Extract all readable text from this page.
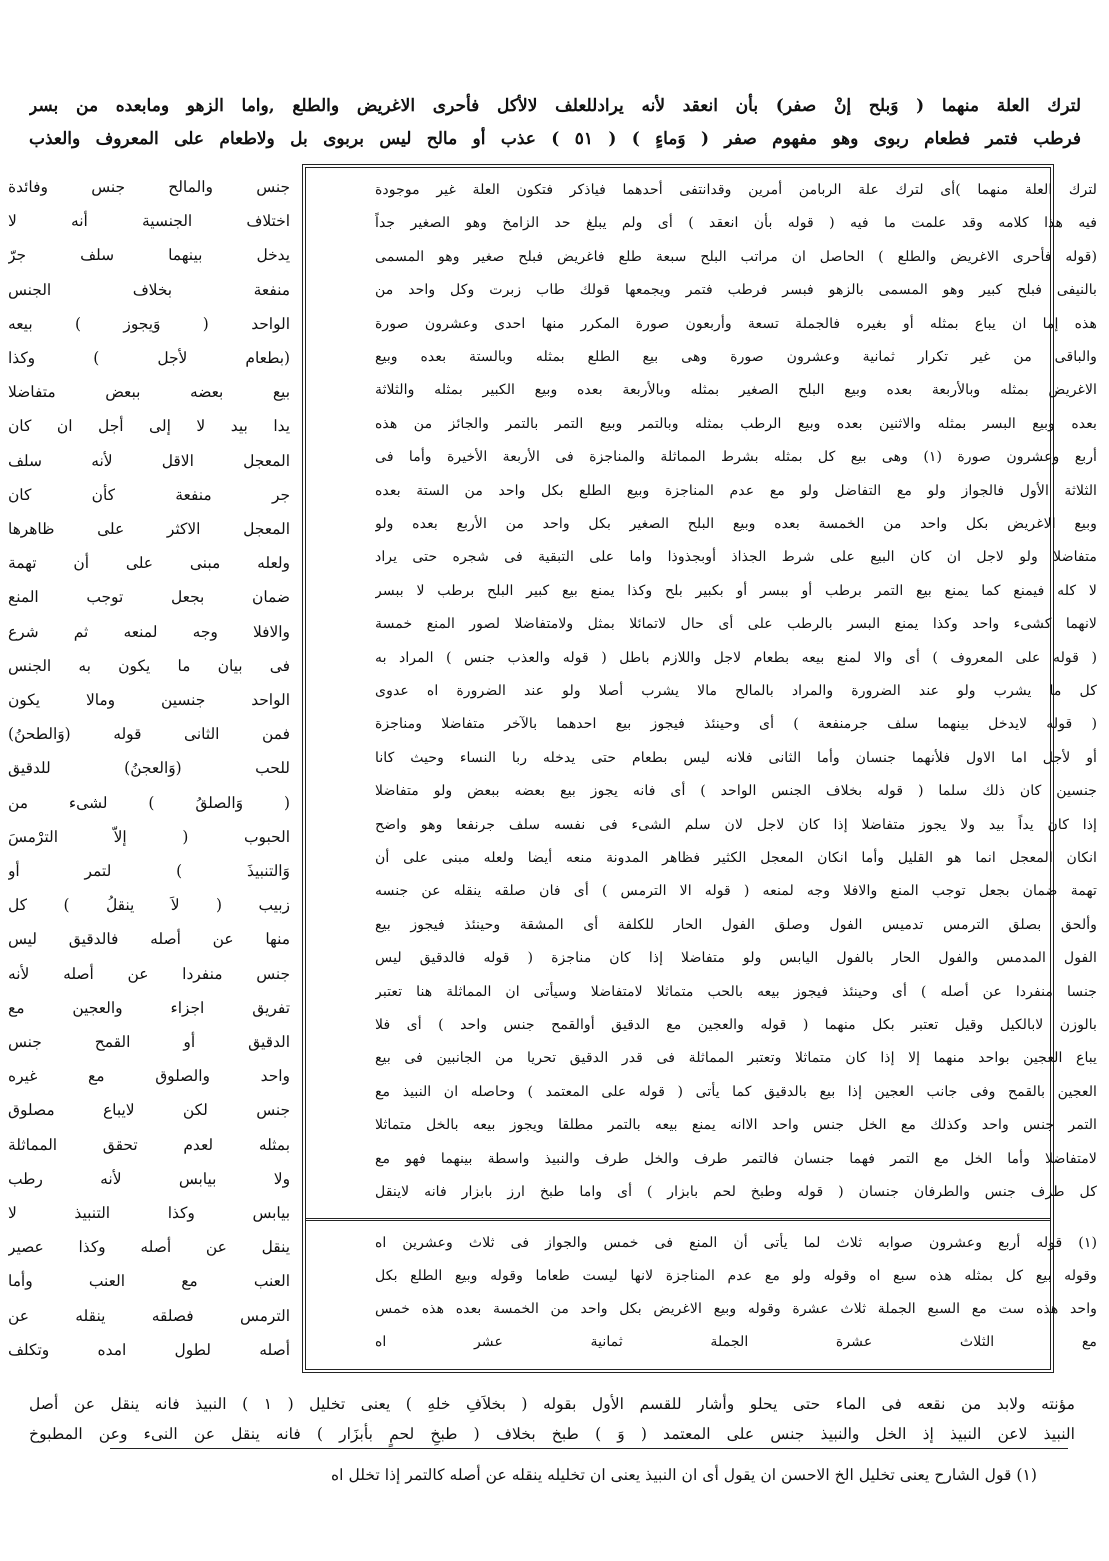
لترك العلة منهما ( وَبلح إنْ صفر) بأن انعقد لأنه يرادللعلف لالأكل فأحرى الاغريض والطلع ,واما الزهو ومابعده من بسر
فرطب فتمر فطعام ربوى وهو مفهوم صفر ( وَماءٍ ) ( ٥١ ) عذب أو مالح ليس بربوى بل ولاطعام على المعروف والعذب
لترك العلة منهما )أى لترك علة الربامن أمرين وقدانتفى أحدهما فياذكر فتكون العلة غير موجودة
فيه هذا كلامه وقد علمت ما فيه ( قوله بأن انعقد ) أى ولم يبلغ حد الزامخ وهو الصغير جداً
(قوله فأحرى الاغريض والطلع ) الحاصل ان مراتب البلح سبعة طلع فاغريض فبلح صغير وهو المسمى
بالنيفى فبلح كبير وهو المسمى بالزهو فبسر فرطب فتمر ويجمعها قولك طاب زبرت وكل واحد من
هذه إما ان يباع بمثله أو بغيره فالجملة تسعة وأربعون صورة المكرر منها احدى وعشرون صورة
والباقى من غير تكرار ثمانية وعشرون صورة وهى بيع الطلع بمثله وبالستة بعده وبيع
الاغريض بمثله وبالأربعة بعده وبيع البلح الصغير بمثله وبالأربعة بعده وبيع الكبير بمثله والثلاثة
بعده وبيع البسر بمثله والاثنين بعده وبيع الرطب بمثله وبالتمر وبيع التمر بالتمر والجائز من هذه
أربع وعشرون صورة (١) وهى بيع كل بمثله بشرط المماثلة والمناجزة فى الأربعة الأخيرة وأما فى
الثلاثة الأول فالجواز ولو مع التفاضل ولو مع عدم المناجزة وبيع الطلع بكل واحد من الستة بعده
وبيع الاغريض بكل واحد من الخمسة بعده وبيع البلح الصغير بكل واحد من الأربع بعده ولو
متفاضلا ولو لاجل ان كان البيع على شرط الجذاذ أوبجذوذا واما على التبقية فى شجره حتى يراد
لا كله فيمنع كما يمنع بيع التمر برطب أو ببسر أو بكبير بلح وكذا يمنع بيع كبير البلح برطب لا ببسر
لانهما كشىء واحد وكذا يمنع البسر بالرطب على أى حال لاتمائلا بمثل ولامتفاضلا لصور المنع خمسة
( قوله على المعروف ) أى والا لمنع بيعه بطعام لاجل واللازم باطل ( قوله والعذب جنس ) المراد به
كل ما يشرب ولو عند الضرورة والمراد بالمالح مالا يشرب أصلا ولو عند الضرورة اه عدوى
( قوله لايدخل بينهما سلف جرمنفعة ) أى وحينئذ فيجوز بيع احدهما بالآخر متفاضلا ومناجزة
أو لأجل اما الاول فلأنهما جنسان وأما الثانى فلانه ليس بطعام حتى يدخله ربا النساء وحيث كانا
جنسين كان ذلك سلما ( قوله بخلاف الجنس الواحد ) أى فانه يجوز بيع بعضه ببعض ولو متفاضلا
إذا كان يداً بيد ولا يجوز متفاضلا إذا كان لاجل لان سلم الشىء فى نفسه سلف جرنفعا وهو واضح
انكان المعجل انما هو القليل وأما انكان المعجل الكثير فظاهر المدونة منعه أيضا ولعله مبنى على أن
تهمة ضمان بجعل توجب المنع والافلا وجه لمنعه ( قوله الا الترمس ) أى فان صلقه ينقله عن جنسه
وألحق بصلق الترمس تدميس الفول وصلق الفول الحار للكلفة أى المشقة وحينئذ فيجوز بيع
الفول المدمس والفول الحار بالفول اليابس ولو متفاضلا إذا كان مناجزة ( قوله فالدقيق ليس
جنسا منفردا عن أصله ) أى وحينئذ فيجوز بيعه بالحب متماثلا لامتفاضلا وسيأتى ان المماثلة هنا تعتبر
بالوزن لابالكيل وقيل تعتبر بكل منهما ( قوله والعجين مع الدقيق أوالقمح جنس واحد ) أى فلا
يباع العجين بواحد منهما إلا إذا كان متماثلا وتعتبر المماثلة فى قدر الدقيق تحريا من الجانبين فى بيع
العجين بالقمح وفى جانب العجين إذا بيع بالدقيق كما يأتى ( قوله على المعتمد ) وحاصله ان النبيذ مع
التمر جنس واحد وكذلك مع الخل جنس واحد الاانه يمنع بيعه بالتمر مطلقا ويجوز بيعه بالخل متماثلا
لامتفاضلا وأما الخل مع التمر فهما جنسان فالتمر طرف والخل طرف والنبيذ واسطة بينهما فهو مع
كل طرف جنس والطرفان جنسان ( قوله وطبخ لحم بابزار ) أى واما طبخ ارز بابزار فانه لاينقل
(١) قوله أربع وعشرون صوابه ثلاث لما يأتى أن المنع فى خمس والجواز فى ثلاث وعشرين اه
وقوله بيع كل بمثله هذه سبع اه وقوله ولو مع عدم المناجزة لانها ليست طعاما وقوله وبيع الطلع بكل
واحد هذه ست مع السبع الجملة ثلاث عشرة وقوله وبيع الاغريض بكل واحد من الخمسة بعده هذه خمس
مع الثلاث عشرة الجملة ثمانية عشر اه
جنس والمالح جنس وفائدة
اختلاف الجنسية أنه لا
يدخل بينهما سلف جرّ
منفعة بخلاف الجنس
الواحد ( وَيجوز ) بيعه
(بطعام لأجل ) وكذا
بيع بعضه ببعض متفاضلا
يدا بيد لا إلى أجل ان كان
المعجل الاقل لأنه سلف
جر منفعة كأن كان
المعجل الاكثر على ظاهرها
ولعله مبنى على أن تهمة
ضمان بجعل توجب المنع
والافلا وجه لمنعه ثم شرع
فى بيان ما يكون به الجنس
الواحد جنسين ومالا يكون
فمن الثانى قوله (وَالطحنُ)
للحب (وَالعجنُ) للدقيق
( وَالصلقُ ) لشىء من
الحبوب ( إلاّ الترْمسَ
وَالتنبيذَ ) لتمر أو
زبيب ( لاَ ينقلُ ) كل
منها عن أصله فالدقيق ليس
جنس منفردا عن أصله لأنه
تفريق اجزاء والعجين مع
الدقيق أو القمح جنس
واحد والصلوق مع غيره
جنس لكن لايباع مصلوق
بمثله لعدم تحقق المماثلة
ولا بيابس لأنه رطب
بيابس وكذا التنبيذ لا
ينقل عن أصله وكذا عصير
العنب مع العنب وأما
الترمس فصلقه ينقله عن
أصله لطول امده وتكلف
مؤنته ولابد من نقعه فى الماء حتى يحلو وأشار للقسم الأول بقوله ( بخلاَفِ خلهِ ) يعنى تخليل ( ١ ) النبيذ فانه ينقل عن أصل
النبيذ لاعن النبيذ إذ الخل والنبيذ جنس على المعتمد ( وَ ) طبخ بخلاف ( طبخِ لحمٍ بأبزَار ) فانه ينقل عن النىء وعن المطبوخ
(١) قول الشارح يعنى تخليل الخ الاحسن ان يقول أى ان النبيذ يعنى ان تخليله ينقله عن أصله كالتمر إذا تخلل اه
